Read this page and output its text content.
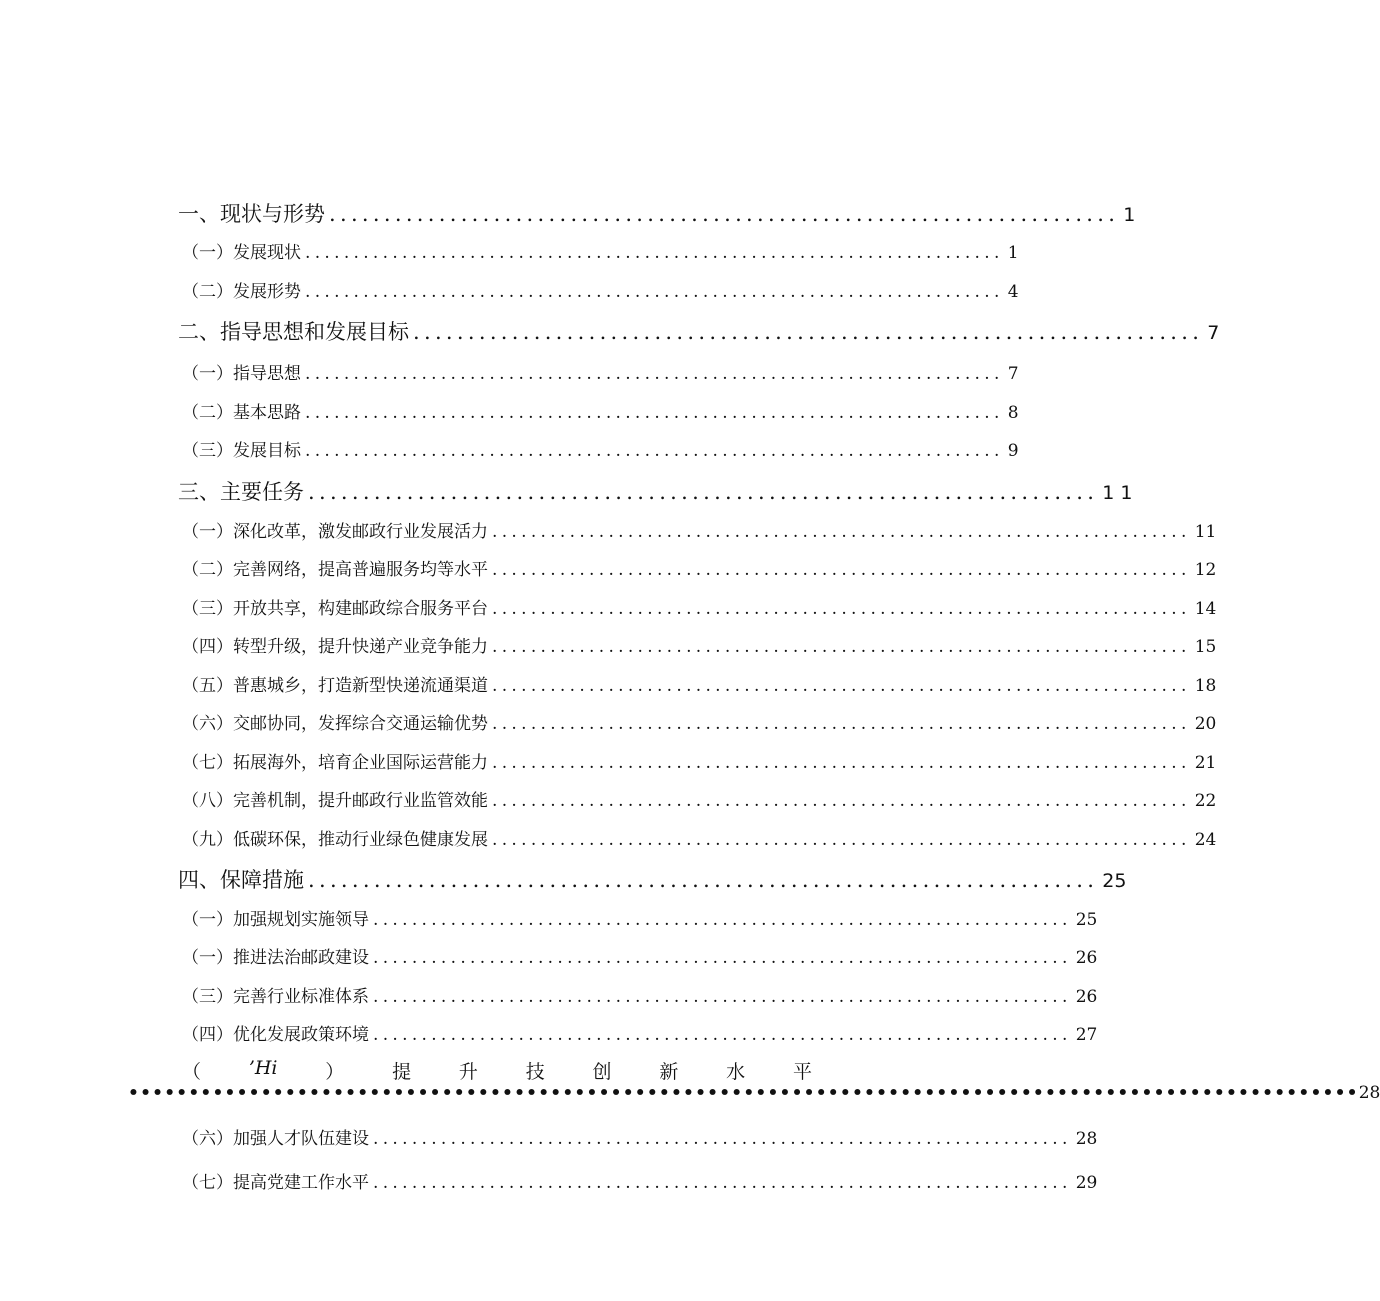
一、现状与形势 ........................................................................ 1
（一）发展现状 ........................................................................ 1
（二）发展形势 ........................................................................ 4
二、指导思想和发展目标 ........................................................................ 7
（一）指导思想 ........................................................................ 7
（二）基本思路 ........................................................................ 8
（三）发展目标 ........................................................................ 9
三、主要任务 ........................................................................ 1 1
（一）深化改革，激发邮政行业发展活力 ........................................................................ 11
（二）完善网络，提高普遍服务均等水平 ........................................................................ 12
（三）开放共享，构建邮政综合服务平台 ........................................................................ 14
（四）转型升级，提升快递产业竞争能力 ........................................................................ 15
（五）普惠城乡，打造新型快递流通渠道 ........................................................................ 18
（六）交邮协同，发挥综合交通运输优势 ........................................................................ 20
（七）拓展海外，培育企业国际运营能力 ........................................................................ 21
（八）完善机制，提升邮政行业监管效能 ........................................................................ 22
（九）低碳环保，推动行业绿色健康发展 ........................................................................ 24
四、保障措施 ........................................................................ 25
（一）加强规划实施领导 ........................................................................ 25
（一）推进法治邮政建设 ........................................................................ 26
（三）完善行业标准体系 ........................................................................ 26
（四）优化发展政策环境 ........................................................................ 27
（	’Hi	）	提	升	技	创	新	水	平
•••••••••••••••••••••••••••••••••••••••••••••••••••••••••••••••••••••••••••••••••••••••••••••••••••••• 28
（六）加强人才队伍建设 ........................................................................ 28
（七）提高党建工作水平 ........................................................................ 29
